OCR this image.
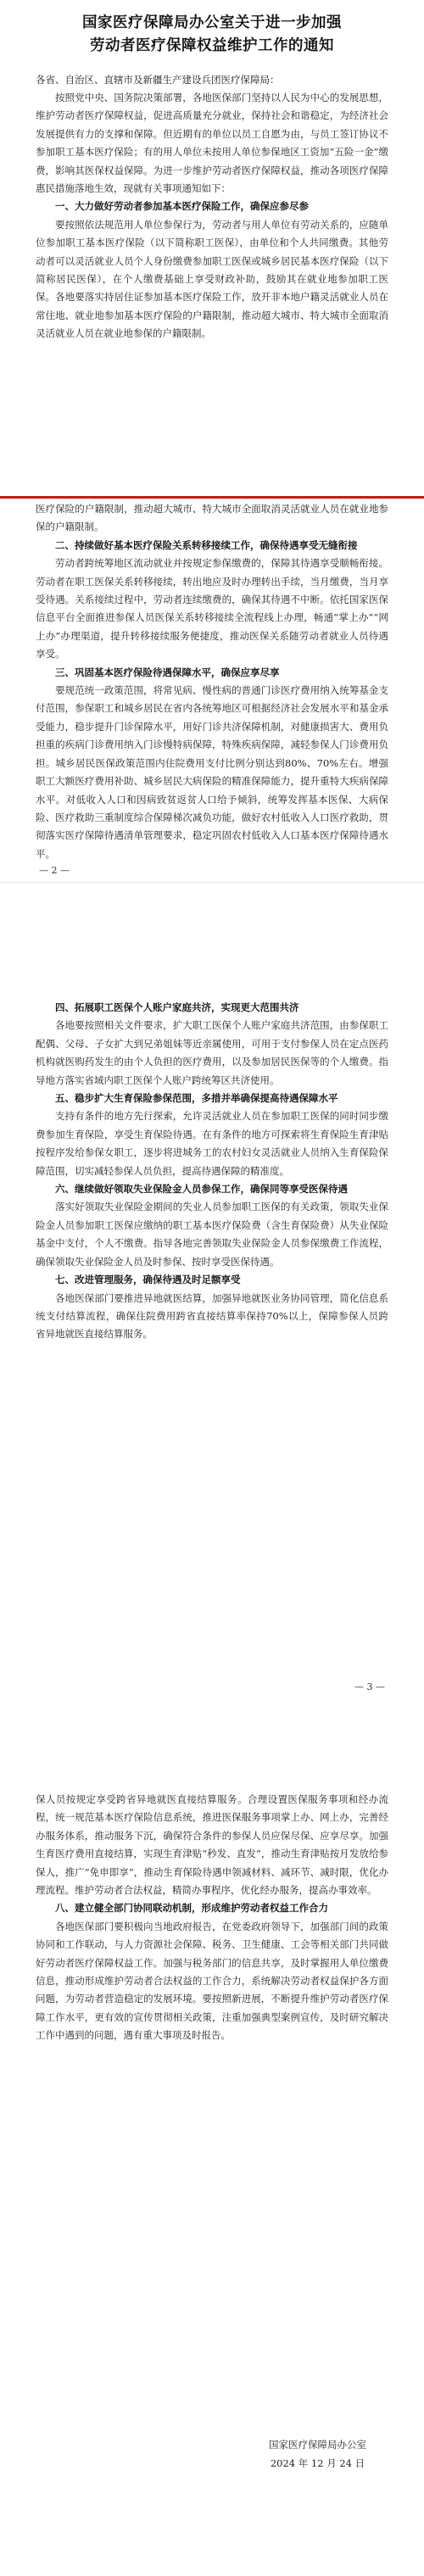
国家医疗保障局办公室关于进一步加强
劳动者医疗保障权益维护工作的通知
各省、自治区、直辖市及新疆生产建设兵团医疗保障局：

按照党中央、国务院决策部署，各地医保部门坚持以人民为中心的发展思想，维护劳动者医疗保障权益，促进高质量充分就业，保持社会和谐稳定，为经济社会发展提供有力的支撑和保障。但近期有的单位以员工自愿为由，与员工签订协议不参加职工基本医疗保险；有的用人单位未按用人单位参保地区工资加“五险一金”缴费，影响其医保权益保障。为进一步维护劳动者医疗保障权益，推动各项医疗保障惠民措施落地生效，现就有关事项通知如下：

一、大力做好劳动者参加基本医疗保险工作，确保应参尽参

要按照依法规范用人单位参保行为，劳动者与用人单位有劳动关系的，应随单位参加职工基本医疗保险（以下简称职工医保），由单位和个人共同缴费。其他劳动者可以灵活就业人员个人身份缴费参加职工医保或城乡居民基本医疗保险（以下简称居民医保），在个人缴费基础上享受财政补助，鼓励其在就业地参加职工医保。各地要落实持居住证参加基本医疗保险工作，放开非本地户籍灵活就业人员在常住地、就业地参加基本医疗保险的户籍限制，推动超大城市、特大城市全面取消灵活就业人员在就业地参保的户籍限制。

医疗保险的户籍限制，推动超大城市、特大城市全面取消灵活就业人员在就业地参保的户籍限制。

二、持续做好基本医疗保险关系转移接续工作，确保待遇享受无缝衔接

劳动者跨统筹地区流动就业并按规定参保缴费的，保障其待遇享受顺畅衔接。劳动者在职工医保关系转移接续，转出地应及时办理转出手续，当月缴费，当月享受待遇。关系接续过程中，劳动者连续缴费的，确保其待遇不中断。依托国家医保信息平台全面推进参保人员医保关系转移接续全流程线上办理，畅通“掌上办”“网上办”办理渠道，提升转移接续服务便捷度，推动医保关系随劳动者就业人员待遇享受。

三、巩固基本医疗保险待遇保障水平，确保应享尽享

要规范统一政策范围，将常见病、慢性病的普通门诊医疗费用纳入统筹基金支付范围，参保职工和城乡居民在省内各统筹地区可根据经济社会发展水平和基金承受能力，稳步提升门诊保障水平，用好门诊共济保障机制，对健康损害大、费用负担重的疾病门诊费用纳入门诊慢特病保障，特殊疾病保障，减轻参保人门诊费用负担。城乡居民医保政策范围内住院费用支付比例分别达到80%、70%左右。增强职工大额医疗费用补助、城乡居民大病保险的精准保障能力，提升重特大疾病保障水平。对低收入人口和因病致贫返贫人口给予倾斜，统筹发挥基本医保、大病保险、医疗救助三重制度综合保障梯次减负功能，做好农村低收入人口医疗救助，贯彻落实医疗保障待遇清单管理要求，稳定巩固农村低收入人口基本医疗保障待遇水平。

— 2 —
四、拓展职工医保个人账户家庭共济，实现更大范围共济

各地要按照相关文件要求，扩大职工医保个人账户家庭共济范围，由参保职工配偶、父母、子女扩大到兄弟姐妹等近亲属使用，可用于支付参保人员在定点医药机构就医购药发生的由个人负担的医疗费用，以及参加居民医保等的个人缴费。指导地方落实省域内职工医保个人账户跨统筹区共济使用。

五、稳步扩大生育保险参保范围，多措并举确保提高待遇保障水平

支持有条件的地方先行探索，允许灵活就业人员在参加职工医保的同时同步缴费参加生育保险，享受生育保险待遇。在有条件的地方可探索将生育保险生育津贴按程序发给参保女职工，逐步将进城务工的农村妇女灵活就业人员纳入生育保险保障范围，切实减轻参保人员负担，提高待遇保障的精准度。

六、继续做好领取失业保险金人员参保工作，确保同等享受医保待遇

落实好领取失业保险金期间的失业人员参加职工医保的有关政策，领取失业保险金人员参加职工医保应缴纳的职工基本医疗保险费（含生育保险费）从失业保险基金中支付，个人不缴费。指导各地完善领取失业保险金人员参保缴费工作流程，确保领取失业保险金人员及时参保、按时享受医保待遇。

七、改进管理服务，确保待遇及时足额享受

各地医保部门要推进异地就医结算，加强异地就医业务协同管理，简化信息系统支付结算流程，确保住院费用跨省直接结算率保持70%以上，保障参保人员跨省异地就医直接结算服务。

— 3 —

保人员按规定享受跨省异地就医直接结算服务。合理设置医保服务事项和经办流程，统一规范基本医疗保险信息系统，推进医保服务事项掌上办、网上办，完善经办服务体系，推动服务下沉，确保符合条件的参保人员应保尽保、应享尽享。加强生育医疗费用直接结算，实现生育津贴“秒发、直发”，推动生育津贴按月发放给参保人，推广“免申即享”，推动生育保险待遇申领减材料、减环节、减时限，优化办理流程。维护劳动者合法权益，精简办事程序，优化经办服务，提高办事效率。

八、建立健全部门协同联动机制，形成维护劳动者权益工作合力

各地医保部门要积极向当地政府报告，在党委政府领导下，加强部门间的政策协同和工作联动，与人力资源社会保障、税务、卫生健康、工会等相关部门共同做好劳动者医疗保障权益工作。加强与税务部门的信息共享，及时掌握用人单位缴费信息，推动形成维护劳动者合法权益的工作合力，系统解决劳动者权益保护各方面问题，为劳动者营造稳定的发展环境。要按照新进展，不断提升维护劳动者医疗保障工作水平，更有效的宣传贯彻相关政策，注重加强典型案例宣传，及时研究解决工作中遇到的问题，遇有重大事项及时报告。

国家医疗保障局办公室
2024 年 12 月 24 日
